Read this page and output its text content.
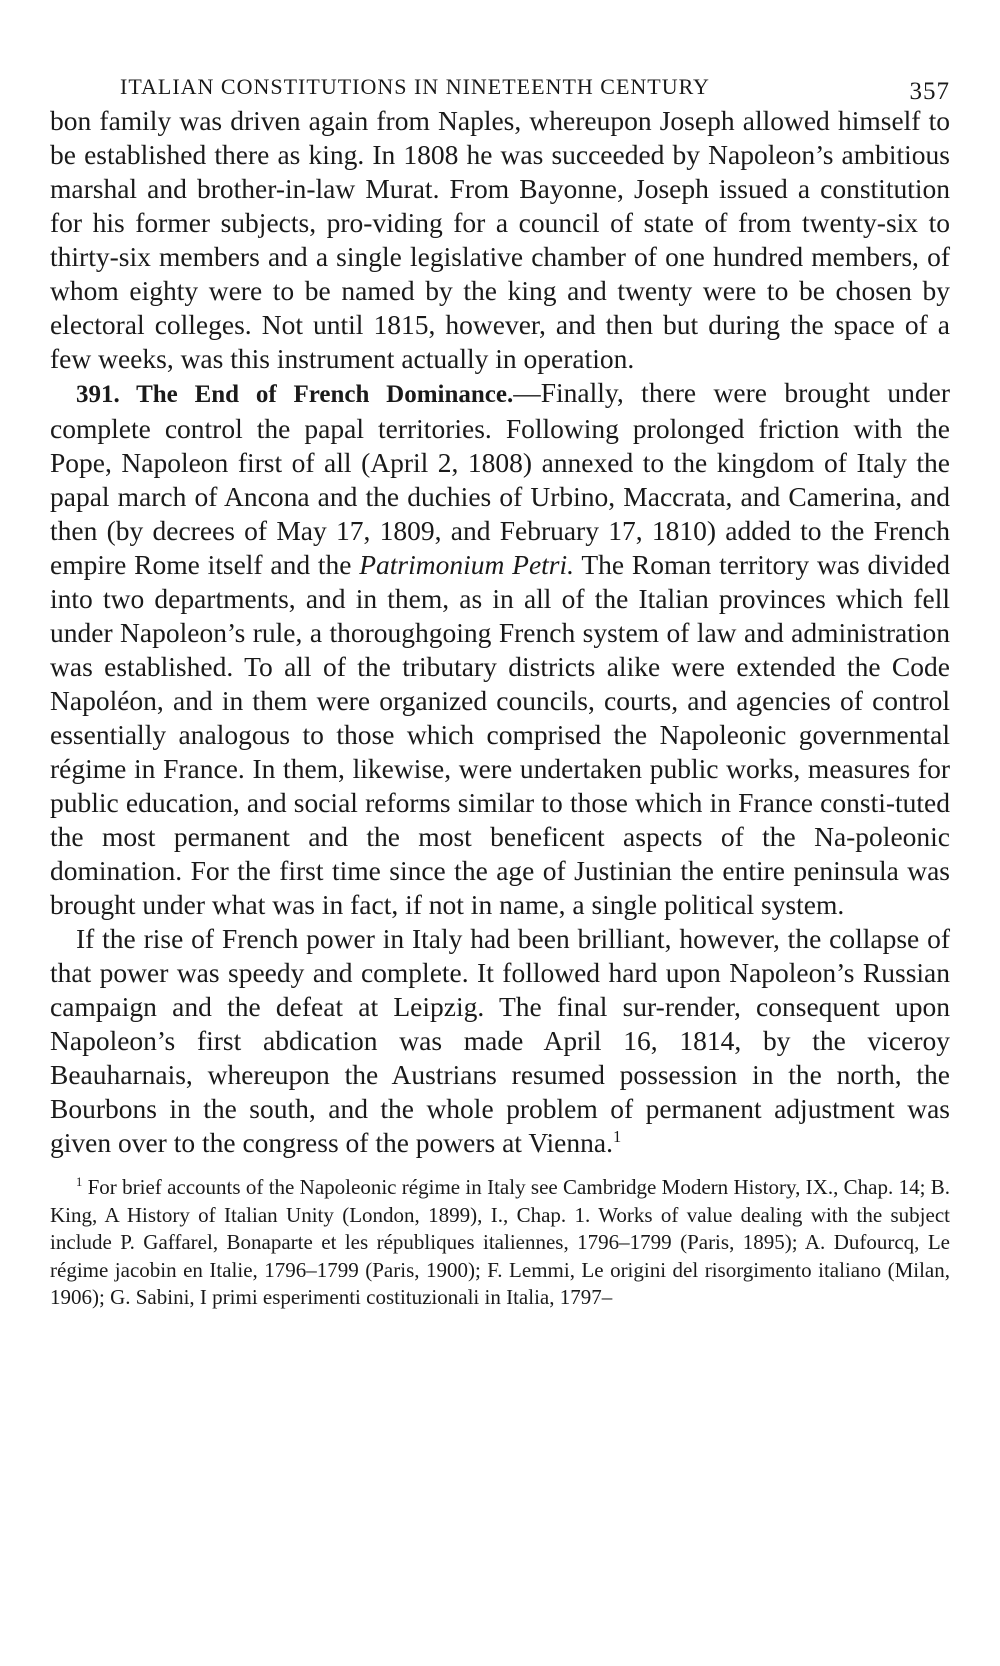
ITALIAN CONSTITUTIONS IN NINETEENTH CENTURY	357

bon family was driven again from Naples, whereupon Joseph allowed himself to be established there as king. In 1808 he was succeeded by Napoleon’s ambitious marshal and brother-in-law Murat. From Bayonne, Joseph issued a constitution for his former subjects, pro-viding for a council of state of from twenty-six to thirty-six members and a single legislative chamber of one hundred members, of whom eighty were to be named by the king and twenty were to be chosen by electoral colleges. Not until 1815, however, and then but during the space of a few weeks, was this instrument actually in operation.

391. The End of French Dominance.—Finally, there were brought under complete control the papal territories. Following prolonged friction with the Pope, Napoleon first of all (April 2, 1808) annexed to the kingdom of Italy the papal march of Ancona and the duchies of Urbino, Maccrata, and Camerina, and then (by decrees of May 17, 1809, and February 17, 1810) added to the French empire Rome itself and the Patrimonium Petri. The Roman territory was divided into two departments, and in them, as in all of the Italian provinces which fell under Napoleon’s rule, a thoroughgoing French system of law and administration was established. To all of the tributary districts alike were extended the Code Napoléon, and in them were organized councils, courts, and agencies of control essentially analogous to those which comprised the Napoleonic governmental régime in France. In them, likewise, were undertaken public works, measures for public education, and social reforms similar to those which in France consti-tuted the most permanent and the most beneficent aspects of the Na-poleonic domination. For the first time since the age of Justinian the entire peninsula was brought under what was in fact, if not in name, a single political system.

If the rise of French power in Italy had been brilliant, however, the collapse of that power was speedy and complete. It followed hard upon Napoleon’s Russian campaign and the defeat at Leipzig. The final sur-render, consequent upon Napoleon’s first abdication was made April 16, 1814, by the viceroy Beauharnais, whereupon the Austrians resumed possession in the north, the Bourbons in the south, and the whole problem of permanent adjustment was given over to the congress of the powers at Vienna.$^1$

$^1$ For brief accounts of the Napoleonic régime in Italy see Cambridge Modern History, IX., Chap. 14; B. King, A History of Italian Unity (London, 1899), I., Chap. 1. Works of value dealing with the subject include P. Gaffarel, Bonaparte et les républiques italiennes, 1796–1799 (Paris, 1895); A. Dufourcq, Le régime jacobin en Italie, 1796–1799 (Paris, 1900); F. Lemmi, Le origini del risorgimento italiano (Milan, 1906); G. Sabini, I primi esperimenti costituzionali in Italia, 1797–
